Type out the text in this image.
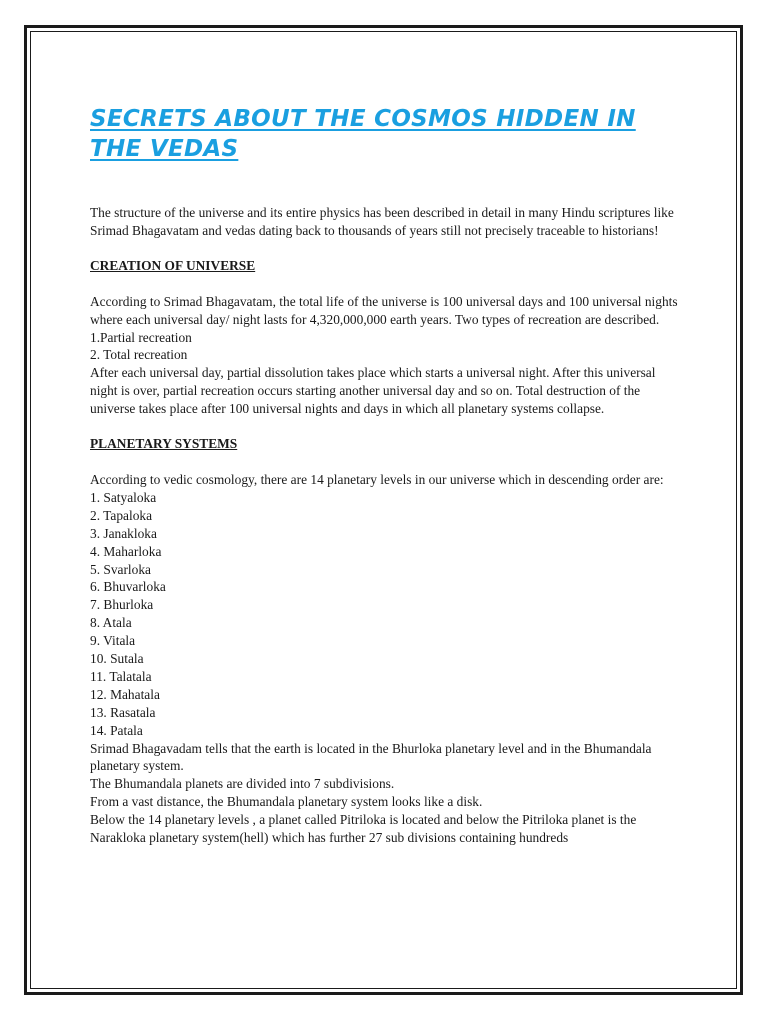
SECRETS ABOUT THE COSMOS HIDDEN IN THE VEDAS

The structure of the universe and its entire physics has been described in detail in many Hindu scriptures like Srimad Bhagavatam and vedas dating back to thousands of years still not precisely traceable to historians!

CREATION OF UNIVERSE

According to Srimad Bhagavatam, the total life of the universe is 100 universal days and 100 universal nights where each universal day/ night lasts for 4,320,000,000 earth years. Two types of recreation are described.
1.Partial recreation
2. Total recreation
After each universal day, partial dissolution takes place which starts a universal night. After this universal night is over, partial recreation occurs starting another universal day and so on. Total destruction of the universe takes place after 100 universal nights and days in which all planetary systems collapse.

PLANETARY SYSTEMS

According to vedic cosmology, there are 14 planetary levels in our universe which in descending order are:

1. Satyaloka
2. Tapaloka
3. Janakloka
4. Maharloka
5. Svarloka
6. Bhuvarloka
7. Bhurloka
8. Atala
9. Vitala
10. Sutala
11. Talatala
12. Mahatala
13. Rasatala
14. Patala
Srimad Bhagavadam tells that the earth is located in the Bhurloka planetary level and in the Bhumandala planetary system.
The Bhumandala planets are divided into 7 subdivisions.
From a vast distance, the Bhumandala planetary system looks like a disk.
Below the 14 planetary levels , a planet called Pitriloka is located and below the Pitriloka planet is the Narakloka planetary system(hell) which has further 27 sub divisions containing hundreds
